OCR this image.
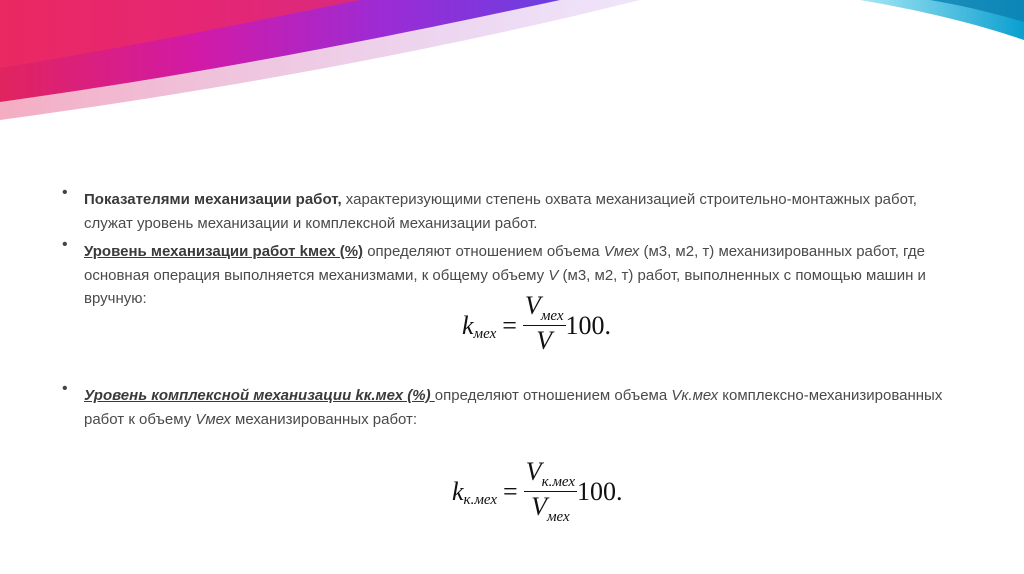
• Показателями механизации работ, характеризующими степень охвата механизацией строительно-монтажных работ, служат уровень механизации и комплексной механизации работ.
• Уровень механизации работ kмех (%) определяют отношением объема Vмех (м3, м2, т) механизированных работ, где основная операция выполняется механизмами, к общему объему V (м3, м2, т) работ, выполненных с помощью машин и вручную:
k мех = $\frac{V_{мех}}{V} 100$.
• Уровень комплексной механизации kк.мех (%) определяют отношением объема Vк.мех комплексно-механизированных работ к объему Vмех механизированных работ:
k $к.мех = \frac{V_{к.мех}}{V_{мех}} 100$.
